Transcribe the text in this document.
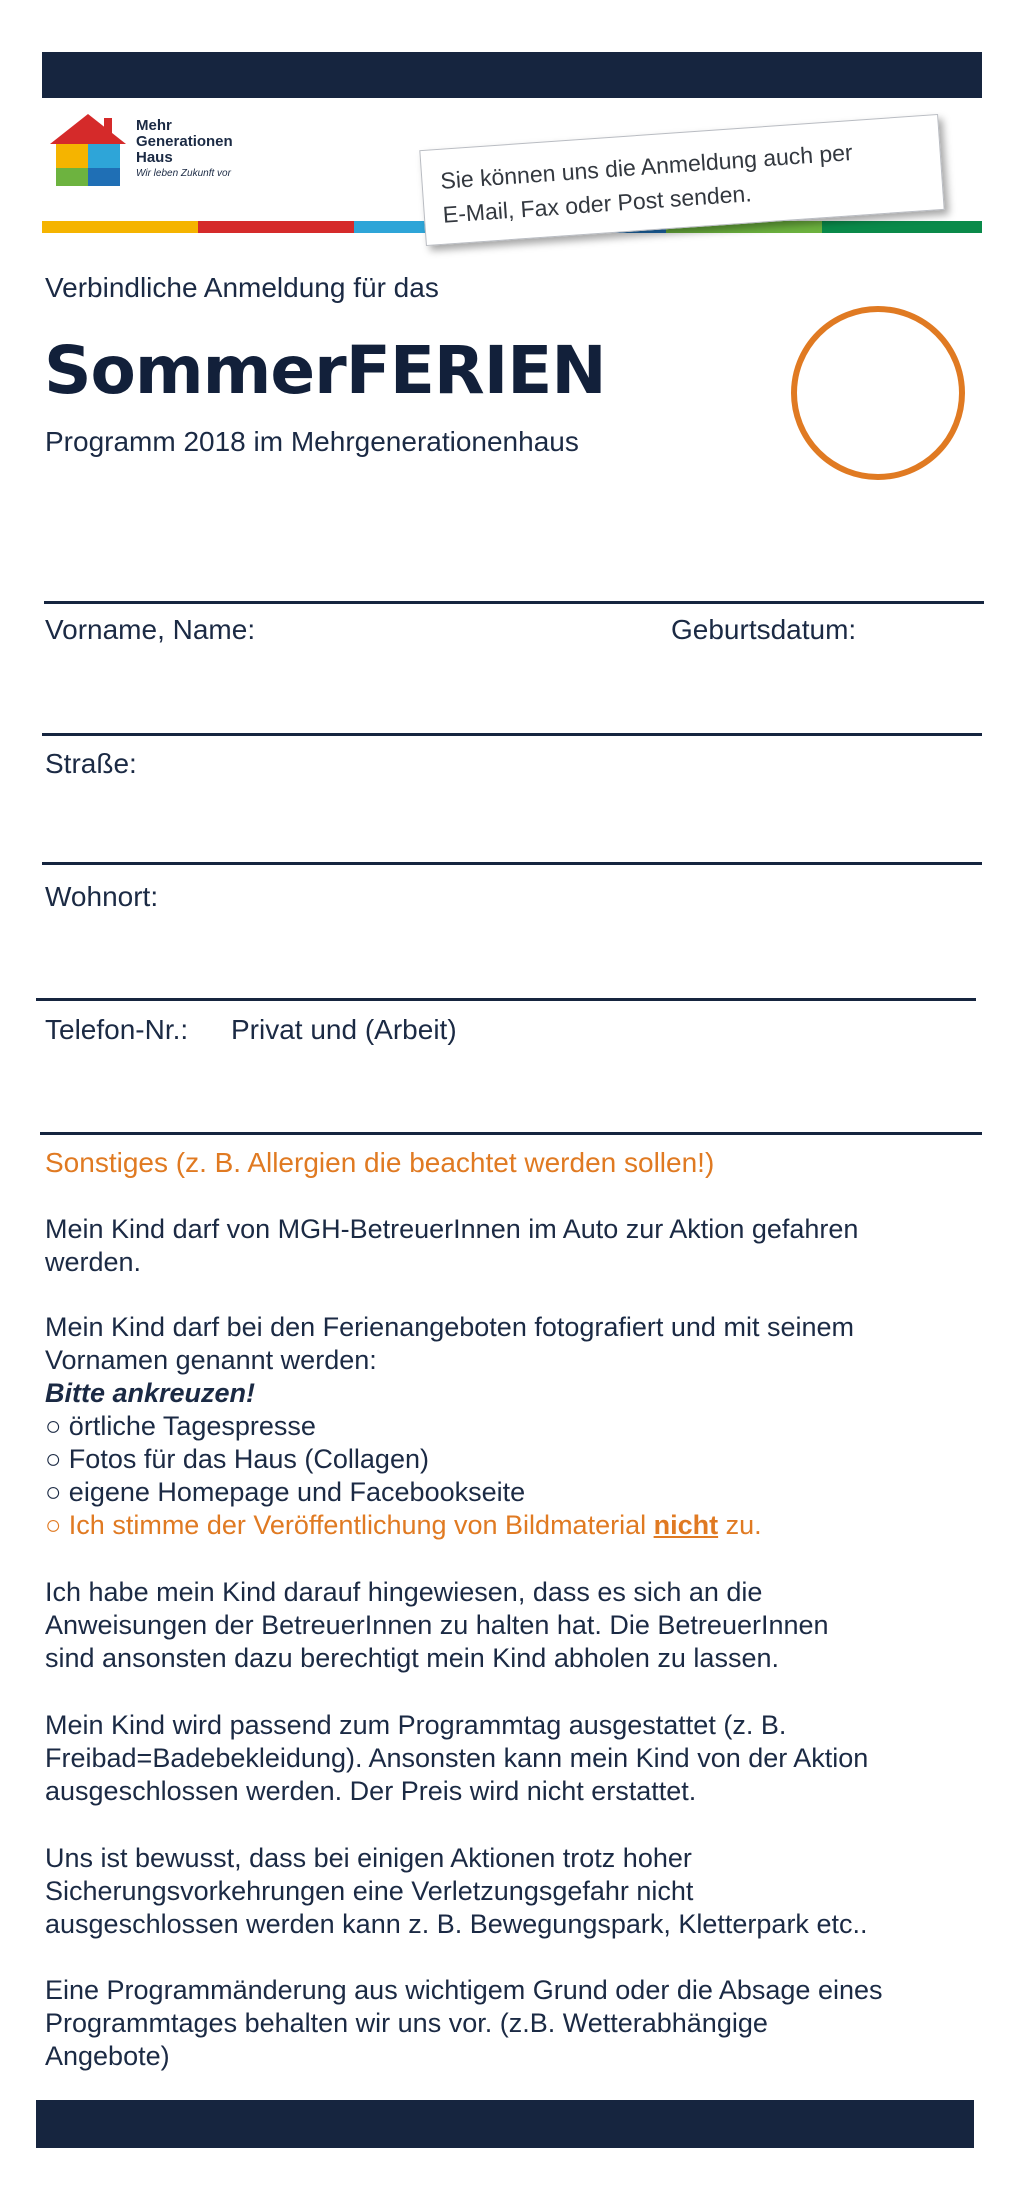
Mehr
Generationen
Haus
Wir leben Zukunft vor	Sie können uns die Anmeldung auch per
E-Mail, Fax oder Post senden.
Verbindliche Anmeldung für das
SommerFERIEN
Programm 2018 im Mehrgenerationenhaus
Vorname, Name:	Geburtsdatum:
Straße:
Wohnort:
Telefon-Nr.: Privat und (Arbeit)
Sonstiges (z. B. Allergien die beachtet werden sollen!)

Mein Kind darf von MGH-BetreuerInnen im Auto zur Aktion gefahren

werden.

Mein Kind darf bei den Ferienangeboten fotografiert und mit seinem

Vornamen genannt werden:

Bitte ankreuzen!

○ örtliche Tagespresse

○ Fotos für das Haus (Collagen)

○ eigene Homepage und Facebookseite

○ Ich stimme der Veröffentlichung von Bildmaterial nicht zu.

Ich habe mein Kind darauf hingewiesen, dass es sich an die

Anweisungen der BetreuerInnen zu halten hat. Die BetreuerInnen

sind ansonsten dazu berechtigt mein Kind abholen zu lassen.

Mein Kind wird passend zum Programmtag ausgestattet (z. B.

Freibad=Badebekleidung). Ansonsten kann mein Kind von der Aktion

ausgeschlossen werden. Der Preis wird nicht erstattet.

Uns ist bewusst, dass bei einigen Aktionen trotz hoher

Sicherungsvorkehrungen eine Verletzungsgefahr nicht

ausgeschlossen werden kann z. B. Bewegungspark, Kletterpark etc..

Eine Programmänderung aus wichtigem Grund oder die Absage eines

Programmtages behalten wir uns vor. (z.B. Wetterabhängige

Angebote)
